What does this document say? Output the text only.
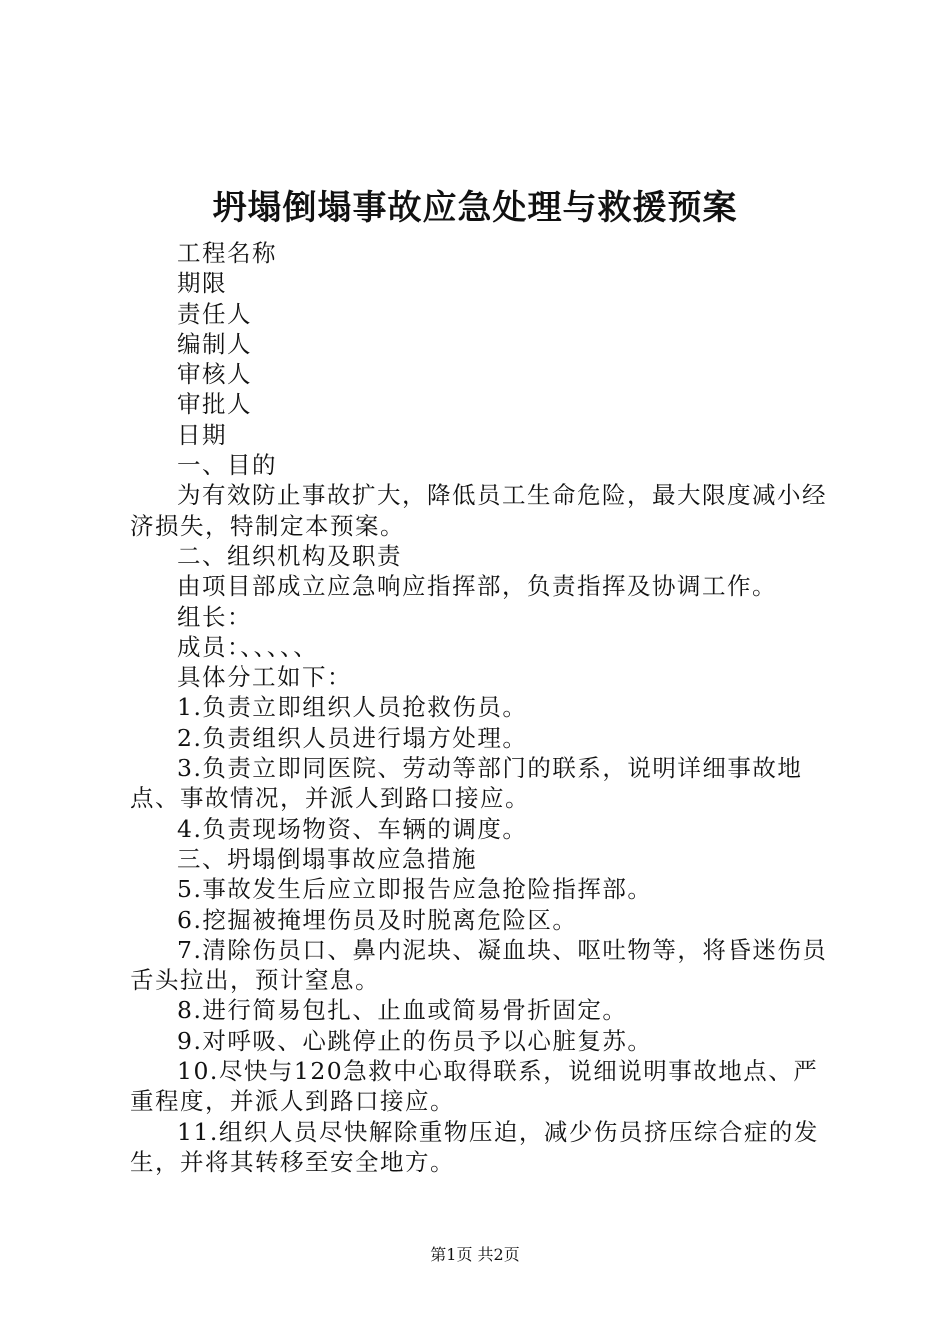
坍塌倒塌事故应急处理与救援预案

工程名称

期限

责任人

编制人

审核人

审批人

日期

一、目的

为有效防止事故扩大，降低员工生命危险，最大限度减小经济损失，特制定本预案。

二、组织机构及职责

由项目部成立应急响应指挥部，负责指挥及协调工作。

组长：

成员：、、、、、

具体分工如下：

1.负责立即组织人员抢救伤员。

2.负责组织人员进行塌方处理。

3.负责立即同医院、劳动等部门的联系，说明详细事故地点、事故情况，并派人到路口接应。

4.负责现场物资、车辆的调度。

三、坍塌倒塌事故应急措施

5.事故发生后应立即报告应急抢险指挥部。

6.挖掘被掩埋伤员及时脱离危险区。

7.清除伤员口、鼻内泥块、凝血块、呕吐物等，将昏迷伤员舌头拉出，预计窒息。

8.进行简易包扎、止血或简易骨折固定。

9.对呼吸、心跳停止的伤员予以心脏复苏。

10.尽快与120急救中心取得联系，说细说明事故地点、严重程度，并派人到路口接应。

11.组织人员尽快解除重物压迫，减少伤员挤压综合症的发生，并将其转移至安全地方。

第1页 共2页
